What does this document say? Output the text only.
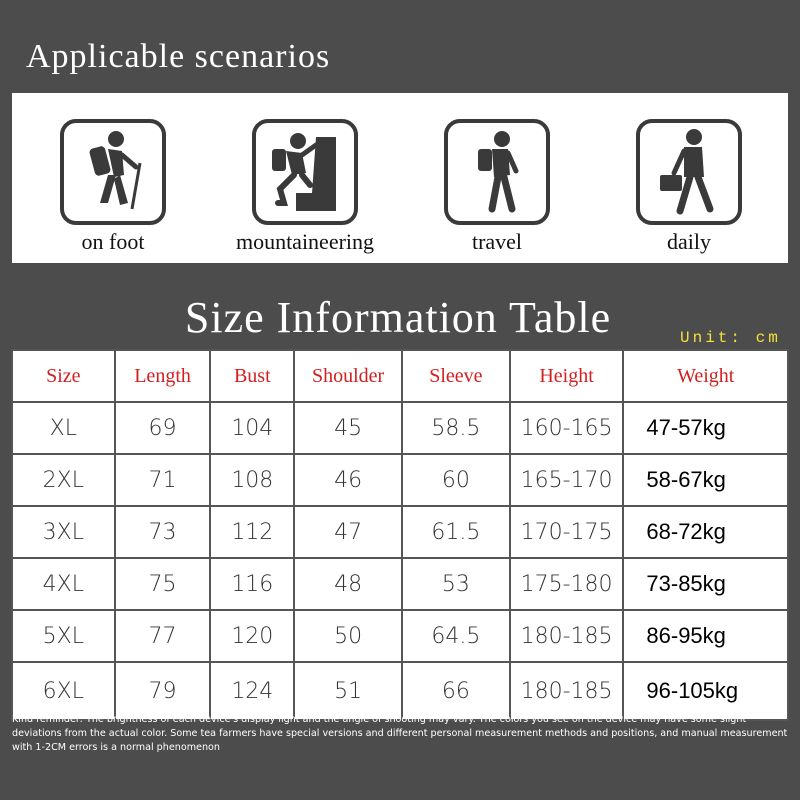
Applicable scenarios
on foot	mountaineering	travel	daily
Size Information Table	Unit: cm
Size	Length	Bust	Shoulder	Sleeve	Height	Weight
XL	69	104	45	58.5	160-165	47-57kg
2XL	71	108	46	60	165-170	58-67kg
3XL	73	112	47	61.5	170-175	68-72kg
4XL	75	116	48	53	175-180	73-85kg
5XL	77	120	50	64.5	180-185	86-95kg
6XL	79	124	51	66	180-185	96-105kg
Kind reminder: The brightness of each device's display light and the angle of shooting may vary. The colors you see on the device may have some slight deviations from the actual color. Some tea farmers have special versions and different personal measurement methods and positions, and manual measurement with 1-2CM errors is a normal phenomenon
